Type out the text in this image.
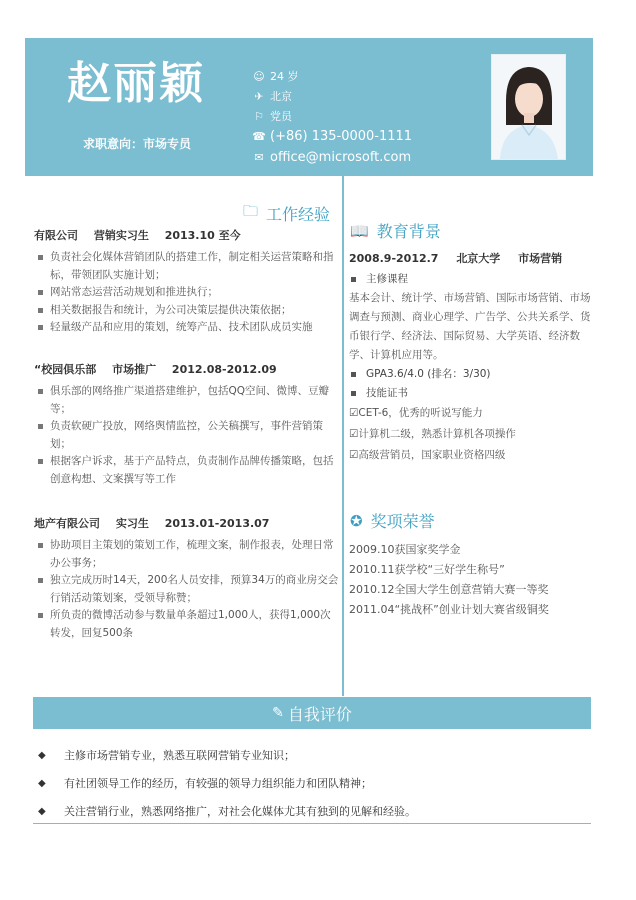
赵丽颖
求职意向：市场专员
☺ 24 岁
✈ 北京
⚐ 党员
☎ (+86) 135-0000-1111
✉ office@microsoft.com
🗀 工作经验
有限公司 营销实习生 2013.10 至今
负责社会化媒体营销团队的搭建工作，制定相关运营策略和指标，带领团队实施计划；
网站常态运营活动规划和推进执行；
相关数据报告和统计，为公司决策层提供决策依据；
轻量级产品和应用的策划，统筹产品、技术团队成员实施
“校园俱乐部 市场推广 2012.08-2012.09
俱乐部的网络推广渠道搭建维护，包括QQ空间、微博、豆瓣等；
负责软硬广投放，网络舆情监控，公关稿撰写，事件营销策划；
根据客户诉求，基于产品特点，负责制作品牌传播策略，包括创意构想、文案撰写等工作
地产有限公司 实习生 2013.01-2013.07
协助项目主策划的策划工作，梳理文案，制作报表，处理日常办公事务；
独立完成历时14天，200名人员安排，预算34万的商业房交会行销活动策划案，受领导称赞；
所负责的微博活动参与数量单条超过1,000人，获得1,000次转发，回复500条
📖 教育背景
2008.9-2012.7 北京大学 市场营销
主修课程
基本会计、统计学、市场营销、国际市场营销、市场调查与预测、商业心理学、广告学、公共关系学、货币银行学、经济法、国际贸易、大学英语、经济数学、计算机应用等。
GPA3.6/4.0 (排名：3/30)
技能证书
☑CET-6，优秀的听说写能力
☑计算机二级，熟悉计算机各项操作
☑高级营销员，国家职业资格四级
✪ 奖项荣誉
2009.10获国家奖学金
2010.11获学校“三好学生称号”
2010.12全国大学生创意营销大赛一等奖
2011.04“挑战杯”创业计划大赛省级铜奖
✎ 自我评价
◆	主修市场营销专业，熟悉互联网营销专业知识；
◆	有社团领导工作的经历，有较强的领导力组织能力和团队精神；
◆	关注营销行业，熟悉网络推广，对社会化媒体尤其有独到的见解和经验。
